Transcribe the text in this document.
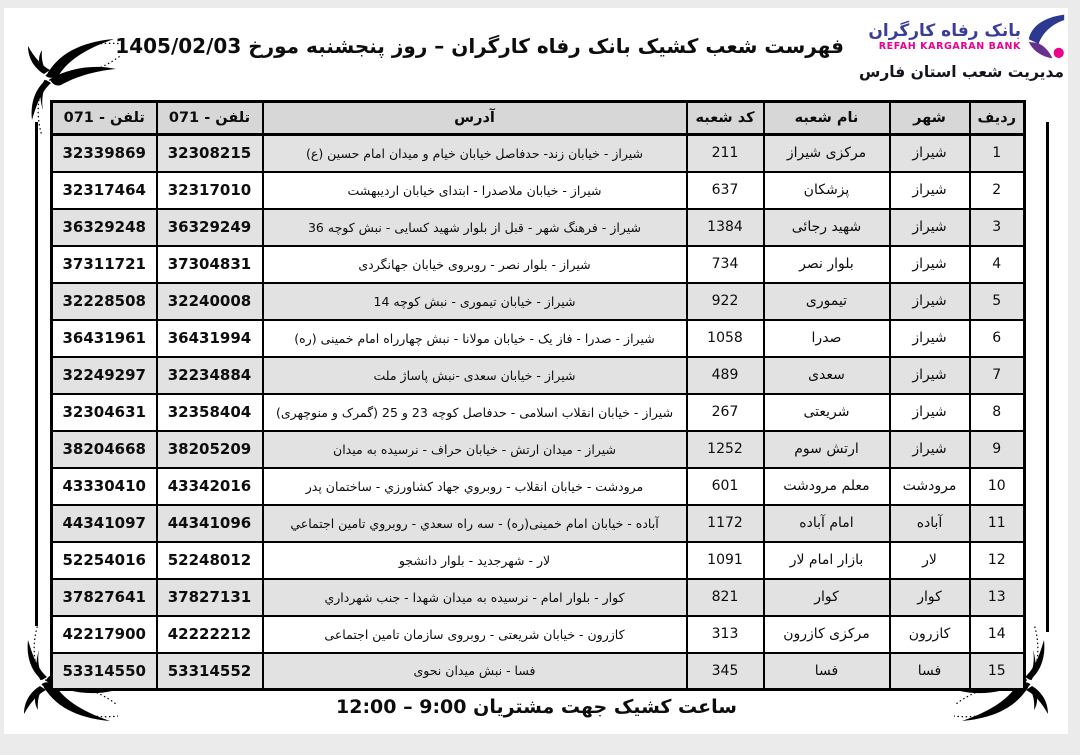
بانک رفاه کارگران
REFAH KARGARAN BANK
مدیریت شعب استان فارس
فهرست شعب کشیک بانک رفاه کارگران – روز پنجشنبه مورخ 1405/02/03
ردیف	شهر	نام شعبه	کد شعبه	آدرس	تلفن - 071	تلفن - 071
1	شیراز	مرکزی شیراز	211	شیراز - خیابان زند- حدفاصل خیابان خیام و میدان امام حسین (ع)	32308215	32339869
2	شیراز	پزشکان	637	شیراز - خیابان ملاصدرا - ابتدای خیابان اردیبهشت	32317010	32317464
3	شیراز	شهید رجائی	1384	شیراز - فرهنگ شهر - قبل از بلوار شهید کسایی - نبش کوچه 36	36329249	36329248
4	شیراز	بلوار نصر	734	شیراز - بلوار نصر - روبروی خیابان جهانگردی	37304831	37311721
5	شیراز	تیموری	922	شیراز - خیابان تیموری - نبش کوچه 14	32240008	32228508
6	شیراز	صدرا	1058	شیراز - صدرا - فاز یک - خیابان مولانا - نبش چهارراه امام خمینی (ره)	36431994	36431961
7	شیراز	سعدی	489	شیراز - خیابان سعدی -نبش پاساژ ملت	32234884	32249297
8	شیراز	شریعتی	267	شیراز - خیابان انقلاب اسلامی - حدفاصل کوچه 23 و 25 (گمرک و منوچهری)	32358404	32304631
9	شیراز	ارتش سوم	1252	شیراز - میدان ارتش - خیابان حراف - نرسیده به میدان	38205209	38204668
10	مرودشت	معلم مرودشت	601	مرودشت - خیابان انقلاب - روبروي جهاد کشاورزي - ساختمان پدر	43342016	43330410
11	آباده	امام آباده	1172	آباده - خیابان امام خمینی(ره) - سه راه سعدي - روبروي تامین اجتماعي	44341096	44341097
12	لار	بازار امام لار	1091	لار - شهرجدید - بلوار دانشجو	52248012	52254016
13	کوار	کوار	821	کوار - بلوار امام - نرسیده به میدان شهدا - جنب شهرداري	37827131	37827641
14	کازرون	مرکزی کازرون	313	کازرون - خیابان شریعتی - روبروی سازمان تامین اجتماعی	42222212	42217900
15	فسا	فسا	345	فسا - نبش میدان نحوی	53314552	53314550
ساعت کشیک جهت مشتریان 9:00 – 12:00
